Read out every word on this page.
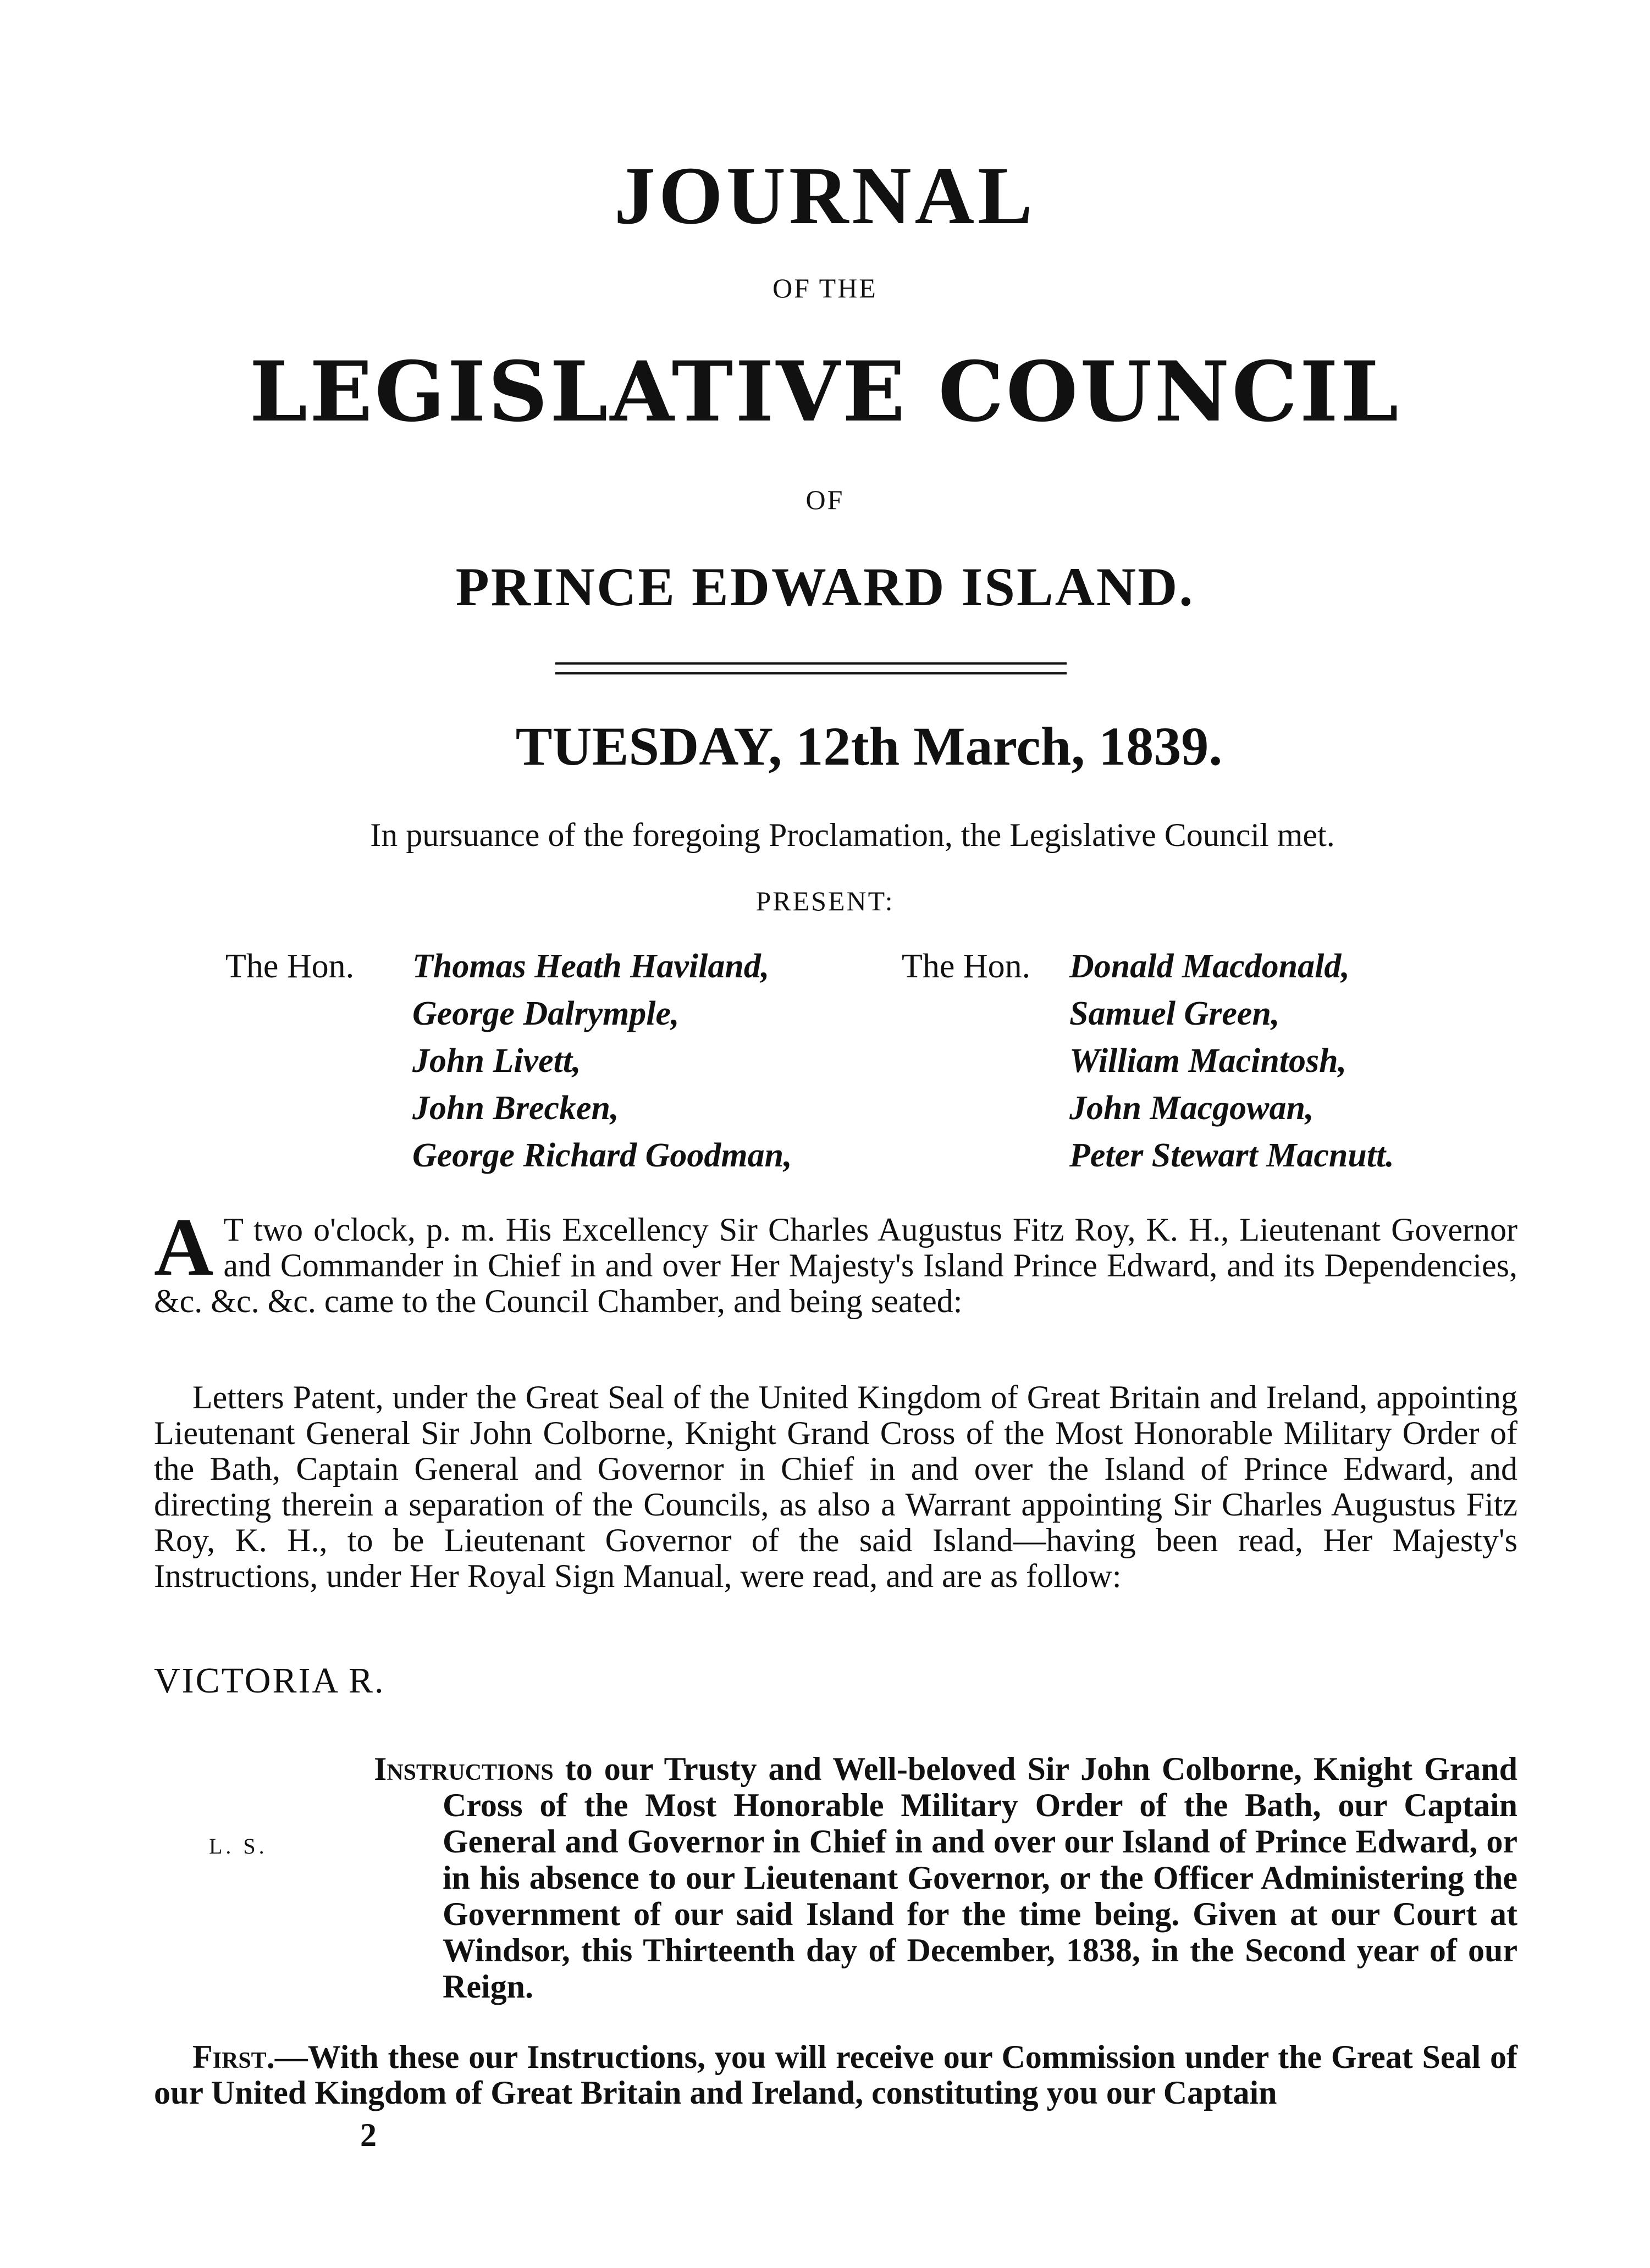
JOURNAL
OF THE
LEGISLATIVE COUNCIL
OF
PRINCE EDWARD ISLAND.
TUESDAY, 12th March, 1839.
In pursuance of the foregoing Proclamation, the Legislative Council met.
PRESENT:
The Hon. Thomas Heath Haviland,
George Dalrymple,
John Livett,
John Brecken,
George Richard Goodman,
The Hon. Donald Macdonald,
Samuel Green,
William Macintosh,
John Macgowan,
Peter Stewart Macnutt.
A T two o'clock, p. m. His Excellency Sir Charles Augustus Fitz Roy, K. H., Lieutenant Governor and Commander in Chief in and over Her Majesty's Island Prince Edward, and its Dependencies, &c. &c. &c. came to the Council Chamber, and being seated:
Letters Patent, under the Great Seal of the United Kingdom of Great Britain and Ireland, appointing Lieutenant General Sir John Colborne, Knight Grand Cross of the Most Honorable Military Order of the Bath, Captain General and Governor in Chief in and over the Island of Prince Edward, and directing therein a separation of the Councils, as also a Warrant appointing Sir Charles Augustus Fitz Roy, K. H., to be Lieutenant Governor of the said Island—having been read, Her Majesty's Instructions, under Her Royal Sign Manual, were read, and are as follow:
VICTORIA R.
L. S.
Instructions to our Trusty and Well-beloved Sir John Colborne, Knight Grand Cross of the Most Honorable Military Order of the Bath, our Captain General and Governor in Chief in and over our Island of Prince Edward, or in his absence to our Lieutenant Governor, or the Officer Administering the Government of our said Island for the time being. Given at our Court at Windsor, this Thirteenth day of December, 1838, in the Second year of our Reign.
First.—With these our Instructions, you will receive our Commission under the Great Seal of our United Kingdom of Great Britain and Ireland, constituting you our Captain
2
